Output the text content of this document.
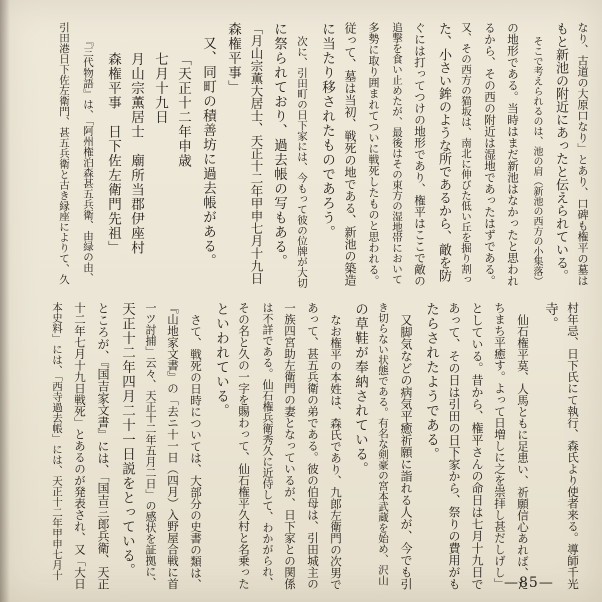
なり、古道の大原口なり」とあり、口碑も権平の墓は
もと新池の附近にあったと伝えられている。
そこで考えられるのは、池の肩（新池の西方の小集落）
の地形である。当時はまだ新池はなかったと思われ
るから、その西の附近は湿地であったはずである。
又、その西方の猫坂は、南北に伸びた低い丘を掘り割っ
た、小さい鉾のような所であるから、敵を防
ぐには打ってつけの地形であり、権平はここで敵の
追撃を食い止めたが、最後はその東方の湿地帯において
多勢に取り囲まれてついに戦死したものと思われる。
従って、墓は当初、戦死の地である、新池の築造
に当たり移されたものであろう。
次に、引田町の日下家には、今もって彼の位牌が大切
に祭られており、過去帳の写もある。
「月山宗薫大居士、天正十二年甲申七月十九日
森権平事」
又、同町の積善坊に過去帳がある。
「天正十二年申歳
七月十九日
月山宗薫居士　廟所当郡伊座村
森権平事　日下佐左衛門先祖」
『三代物語』は、「阿州権泊森甚五兵衛、由緑の由、
引田港日下佐左衛門、甚五兵衛と古き縁座によりて、久
村年忌、日下氏にて執行、森氏より使者来る。導師千光
寺。
仙石権平莫、人馬ともに足患い、祈願信心あれば、た
ちまち平癒す。よって日増しに之を崇拝し甚だしげし」
としている。昔から、権平さんの命日は七月十九日で
あって、その日は引田の日下家から、祭りの費用がも
たらされたようである。
又脚気などの病気平癒祈願に詣れる人が、今でも引
き切らない状態である。有名な剣豪の宮本武蔵を始め、沢山
の草鞋が奉納されている。
なお権平の本姓は、森氏であり、九郎左衛門の次男で
あって、甚五兵衛の弟である。彼の伯母は、引田城主の
一族四宮助左衛門の妻となっているが、日下家との関係
は不詳である。仙石権兵衛秀久に近侍して、わかがられ、
その名と久の一字を賜わって、仙石権平久村と名乗った
といわれている。
さて、戦死の日時については、大部分の史書の類は、
『山地家文書』の「去ニ十一日（四月）入野屋合戦に首
一ツ討捕」云々、天正十二年五月二日」の感状を証拠に、
天正十二年四月二十一日説をとっている。
ところが、『国吉家文書』には、「国吉三郎兵衛、天正
十二年七月十九日戦死」とあるのが発表され、又「大日
本史料」には、「西寺過去帳」には、天正十二年甲申七月十
—85—
